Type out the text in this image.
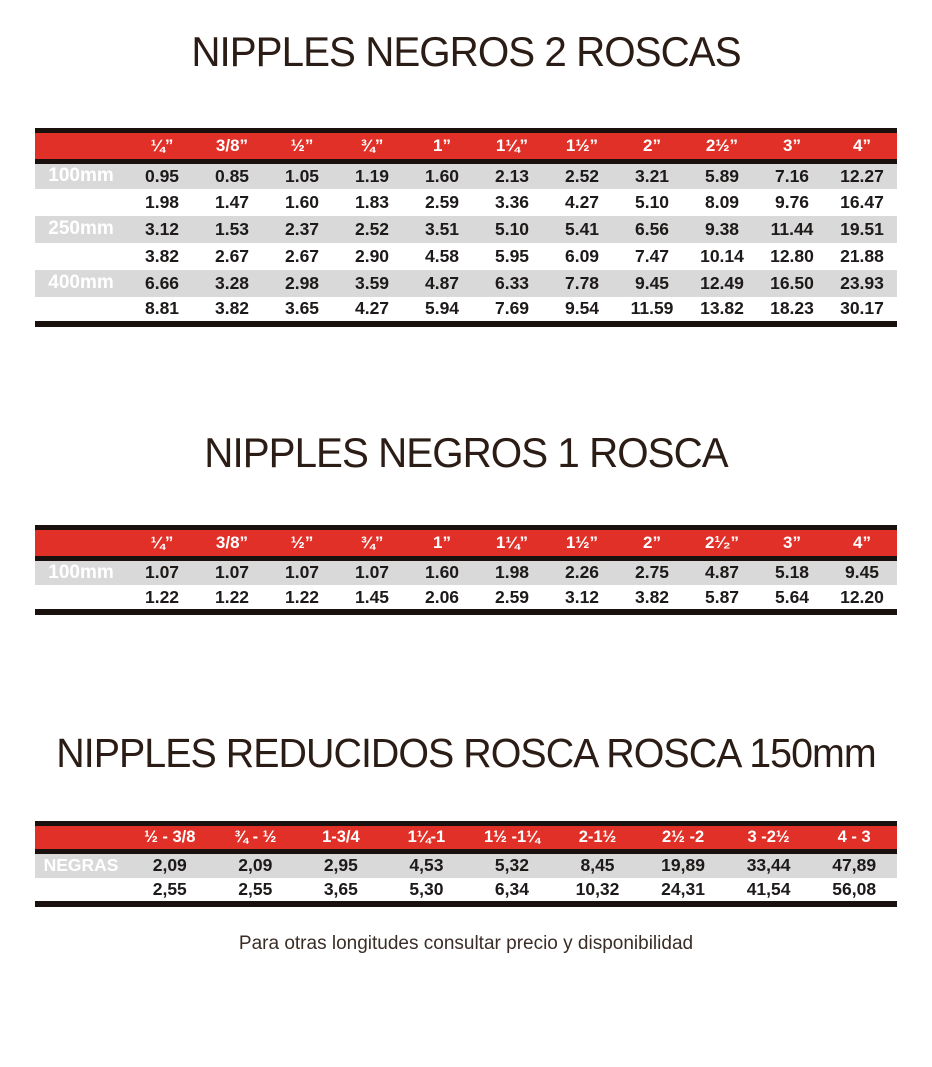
NIPPLES NEGROS 2 ROSCAS
	¼”	3/8”	½”	¾”	1”	1¼”	1½”	2”	2½”	3”	4”
100mm	0.95	0.85	1.05	1.19	1.60	2.13	2.52	3.21	5.89	7.16	12.27
200mm	1.98	1.47	1.60	1.83	2.59	3.36	4.27	5.10	8.09	9.76	16.47
250mm	3.12	1.53	2.37	2.52	3.51	5.10	5.41	6.56	9.38	11.44	19.51
300mm	3.82	2.67	2.67	2.90	4.58	5.95	6.09	7.47	10.14	12.80	21.88
400mm	6.66	3.28	2.98	3.59	4.87	6.33	7.78	9.45	12.49	16.50	23.93
500mm	8.81	3.82	3.65	4.27	5.94	7.69	9.54	11.59	13.82	18.23	30.17
NIPPLES NEGROS 1 ROSCA
	¼”	3/8”	½”	¾”	1”	1¼”	1½”	2”	2¹⁄₂”	3”	4”
100mm	1.07	1.07	1.07	1.07	1.60	1.98	2.26	2.75	4.87	5.18	9.45
150mm	1.22	1.22	1.22	1.45	2.06	2.59	3.12	3.82	5.87	5.64	12.20
NIPPLES REDUCIDOS ROSCA ROSCA 150mm
	½ - 3/8	¾ - ½	1-3/4	1¼-1	1½ -1¼	2-1½	2½ -2	3 -2½	4 - 3
NEGRAS	2,09	2,09	2,95	4,53	5,32	8,45	19,89	33,44	47,89
GALVA	2,55	2,55	3,65	5,30	6,34	10,32	24,31	41,54	56,08

Para otras longitudes consultar precio y disponibilidad
